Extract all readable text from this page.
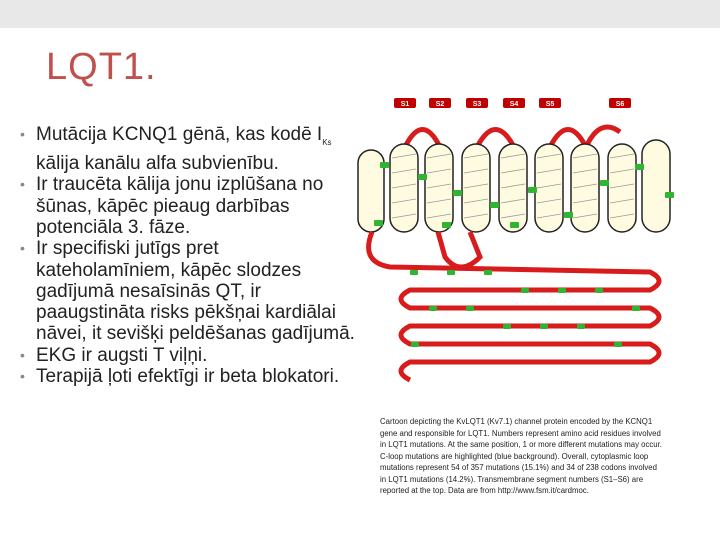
LQT1.
• Mutācija KCNQ1 gēnā, kas kodē $I_{Ks}$ kālija kanālu alfa subvienību.
• Ir traucēta kālija jonu izplūšana no šūnas, kāpēc pieaug darbības potenciāla 3. fāze.
• Ir specifiski jutīgs pret kateholamīniem, kāpēc slodzes gadījumā nesaīsinās QT, ir paaugstināta risks pēkšņai kardiālai nāvei, it sevišķi peldēšanas gadījumā.
• EKG ir augsti T viļņi.
• Terapijā ļoti efektīgi ir beta blokatori.
S1	S2	S3	S4	S5	S6
Cartoon depicting the KvLQT1 (Kv7.1) channel protein encoded by the KCNQ1 gene and responsible for LQT1. Numbers represent amino acid residues involved in LQT1 mutations. At the same position, 1 or more different mutations may occur. C-loop mutations are highlighted (blue background). Overall, cytoplasmic loop mutations represent 54 of 357 mutations (15.1%) and 34 of 238 codons involved in LQT1 mutations (14.2%). Transmembrane segment numbers (S1–S6) are reported at the top. Data are from http://www.fsm.it/cardmoc.
